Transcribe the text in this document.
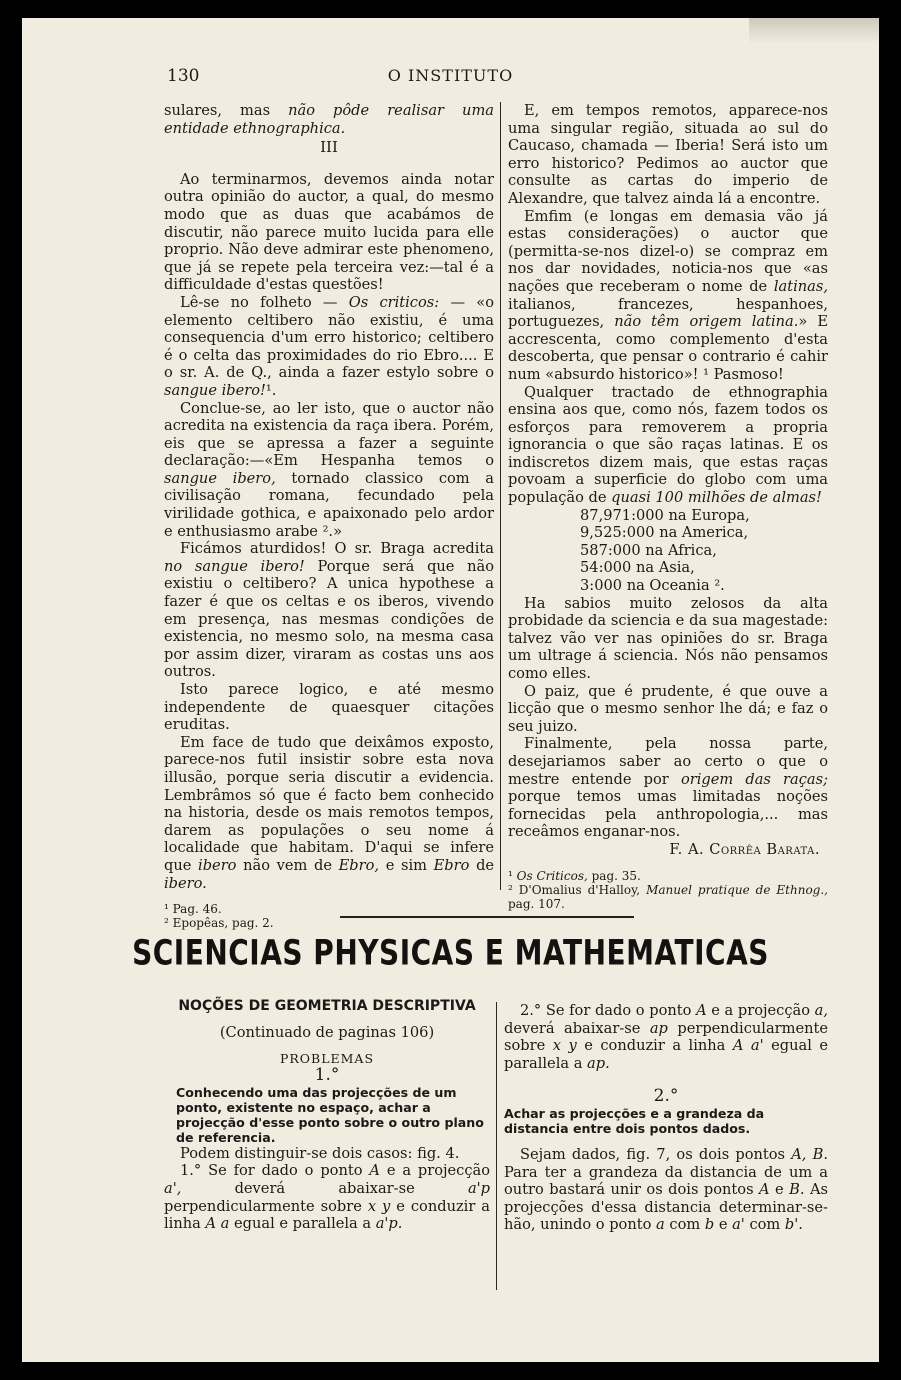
O INSTITUTO
130

sulares, mas não pôde realisar uma entidade ethnographica.

III

Ao terminarmos, devemos ainda notar outra opinião do auctor, a qual, do mesmo modo que as duas que acabámos de discutir, não parece muito lucida para elle proprio. Não deve admirar este phenomeno, que já se repete pela terceira vez:—tal é a difficuldade d'estas questões!

Lê-se no folheto — Os criticos: — «o elemento celtibero não existiu, é uma consequencia d'um erro historico; celtibero é o celta das proximidades do rio Ebro.... E o sr. A. de Q., ainda a fazer estylo sobre o sangue ibero!¹.

Conclue-se, ao ler isto, que o auctor não acredita na existencia da raça ibera. Porém, eis que se apressa a fazer a seguinte declaração:—«Em Hespanha temos o sangue ibero, tornado classico com a civilisação romana, fecundado pela virilidade gothica, e apaixonado pelo ardor e enthusiasmo arabe ².»

Ficámos aturdidos! O sr. Braga acredita no sangue ibero! Porque será que não existiu o celtibero? A unica hypothese a fazer é que os celtas e os iberos, vivendo em presença, nas mesmas condições de existencia, no mesmo solo, na mesma casa por assim dizer, viraram as costas uns aos outros.

Isto parece logico, e até mesmo independente de quaesquer citações eruditas.

Em face de tudo que deixâmos exposto, parece-nos futil insistir sobre esta nova illusão, porque seria discutir a evidencia. Lembrâmos só que é facto bem conhecido na historia, desde os mais remotos tempos, darem as populações o seu nome á localidade que habitam. D'aqui se infere que ibero não vem de Ebro, e sim Ebro de ibero.

¹ Pag. 46.
² Epopêas, pag. 2.

E, em tempos remotos, apparece-nos uma singular região, situada ao sul do Caucaso, chamada — Iberia! Será isto um erro historico? Pedimos ao auctor que consulte as cartas do imperio de Alexandre, que talvez ainda lá a encontre.

Emfim (e longas em demasia vão já estas considerações) o auctor que (permitta-se-nos dizel-o) se compraz em nos dar novidades, noticia-nos que «as nações que receberam o nome de latinas, italianos, francezes, hespanhoes, portuguezes, não têm origem latina.» E accrescenta, como complemento d'esta descoberta, que pensar o contrario é cahir num «absurdo historico»! ¹ Pasmoso!

Qualquer tractado de ethnographia ensina aos que, como nós, fazem todos os esforços para removerem a propria ignorancia o que são raças latinas. E os indiscretos dizem mais, que estas raças povoam a superficie do globo com uma população de quasi 100 milhões de almas!

87,971:000 na Europa,
9,525:000 na America,
587:000 na Africa,
54:000 na Asia,
3:000 na Oceania ².

Ha sabios muito zelosos da alta probidade da sciencia e da sua magestade: talvez vão ver nas opiniões do sr. Braga um ultrage á sciencia. Nós não pensamos como elles.

O paiz, que é prudente, é que ouve a licção que o mesmo senhor lhe dá; e faz o seu juizo.

Finalmente, pela nossa parte, desejariamos saber ao certo o que o mestre entende por origem das raças; porque temos umas limitadas noções fornecidas pela anthropologia,... mas receâmos enganar-nos.

F. A. Corrêa Barata.

¹ Os Criticos, pag. 35.
² D'Omalius d'Halloy, Manuel pratique de Ethnog., pag. 107.
SCIENCIAS PHYSICAS E MATHEMATICAS
NOÇÕES DE GEOMETRIA DESCRIPTIVA

(Continuado de paginas 106)

PROBLEMAS

1.°

Conhecendo uma das projecções de um ponto, existente no espaço, achar a projecção d'esse ponto sobre o outro plano de referencia.

Podem distinguir-se dois casos: fig. 4.

1.° Se for dado o ponto A e a projecção a',	deverá abaixar-se	a'p perpendicularmente sobre x y e conduzir a linha A a egual e parallela a a'p.

2.° Se for dado o ponto A e a projecção a, deverá abaixar-se ap perpendicularmente sobre x y e conduzir a linha A a' egual e parallela a ap.

2.°

Achar as projecções e a grandeza da distancia entre dois pontos dados.

Sejam dados, fig. 7, os dois pontos A, B. Para ter a grandeza da distancia de um a outro bastará unir os dois pontos A e B. As projecções d'essa distancia determinar-se-hão, unindo o ponto a com b e a' com b'.
